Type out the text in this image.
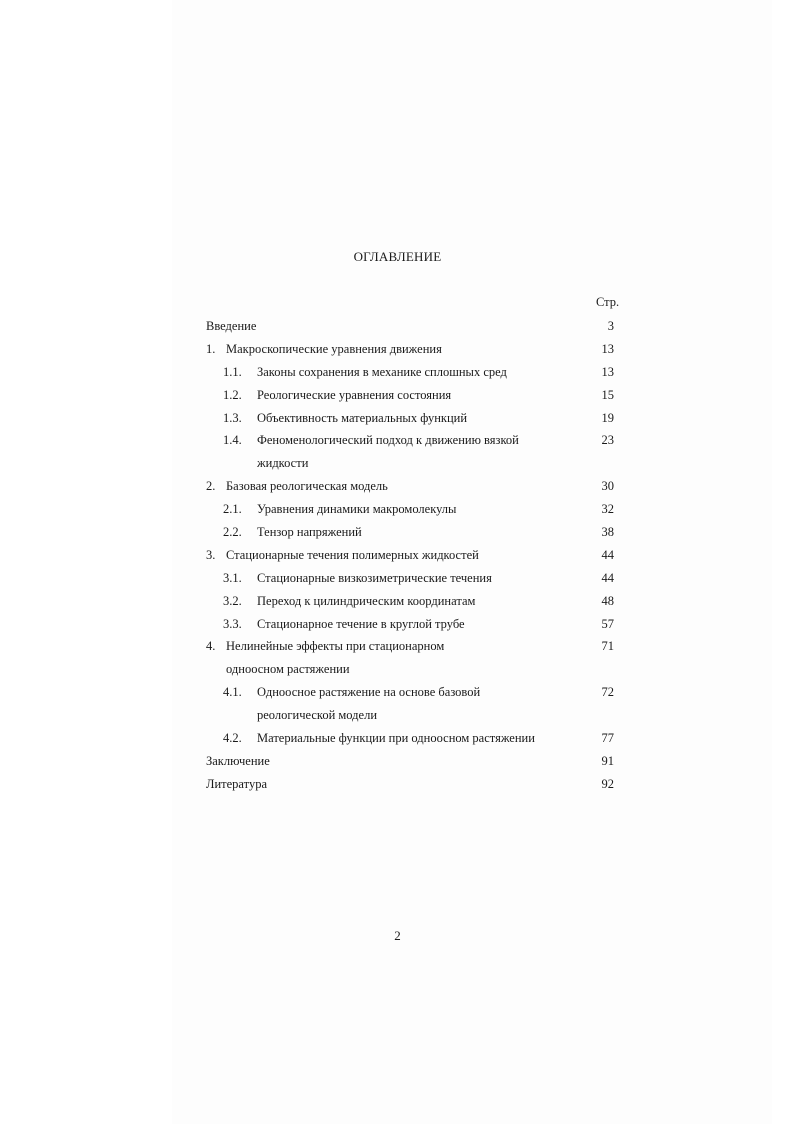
ОГЛАВЛЕНИЕ
Стр.
Введение	3
1. Макроскопические уравнения движения	13
1.1. Законы сохранения в механике сплошных сред	13
1.2. Реологические уравнения состояния	15
1.3. Объективность материальных функций	19
1.4. Феноменологический подход к движению вязкой	23
жидкости
2. Базовая реологическая модель	30
2.1. Уравнения динамики макромолекулы	32
2.2. Тензор напряжений	38
3. Стационарные течения полимерных жидкостей	44
3.1. Стационарные визкозиметрические течения	44
3.2. Переход к цилиндрическим координатам	48
3.3. Стационарное течение в круглой трубе	57
4. Нелинейные эффекты при стационарном	71
одноосном растяжении
4.1. Одноосное растяжение на основе базовой	72
реологической модели
4.2. Материальные функции при одноосном растяжении	77
Заключение	91
Литература	92
2
